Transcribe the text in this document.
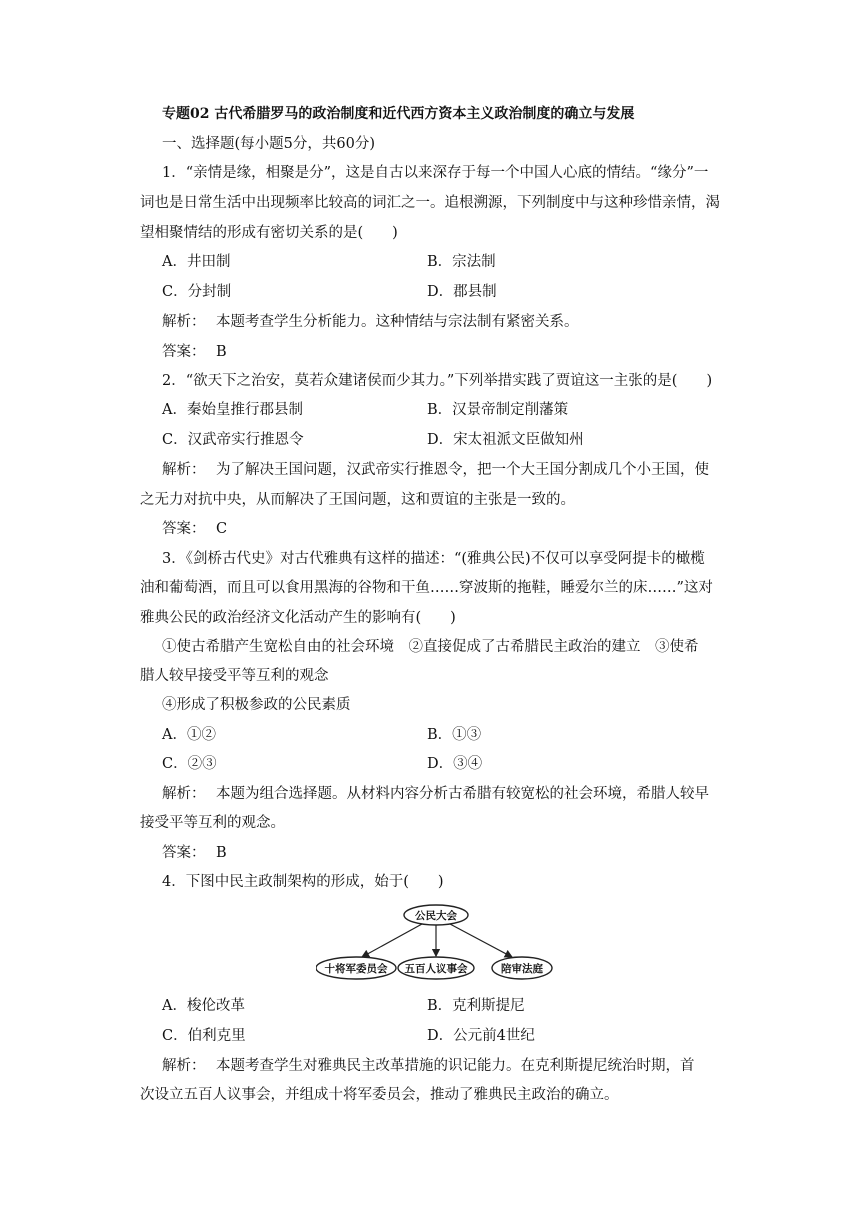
专题02 古代希腊罗马的政治制度和近代西方资本主义政治制度的确立与发展
一、选择题(每小题5分，共60分)
1．“亲情是缘，相聚是分”，这是自古以来深存于每一个中国人心底的情结。“缘分”一
词也是日常生活中出现频率比较高的词汇之一。追根溯源，下列制度中与这种珍惜亲情，渴
望相聚情结的形成有密切关系的是(　　)
A．井田制	B．宗法制
C．分封制	D．郡县制
解析： 本题考查学生分析能力。这种情结与宗法制有紧密关系。
答案： B
2．“欲天下之治安，莫若众建诸侯而少其力。”下列举措实践了贾谊这一主张的是(　　)
A．秦始皇推行郡县制	B．汉景帝制定削藩策
C．汉武帝实行推恩令	D．宋太祖派文臣做知州
解析： 为了解决王国问题，汉武帝实行推恩令，把一个大王国分割成几个小王国，使
之无力对抗中央，从而解决了王国问题，这和贾谊的主张是一致的。
答案： C
3．《剑桥古代史》对古代雅典有这样的描述：“(雅典公民)不仅可以享受阿提卡的橄榄
油和葡萄酒，而且可以食用黑海的谷物和干鱼……穿波斯的拖鞋，睡爱尔兰的床……”这对
雅典公民的政治经济文化活动产生的影响有(　　)
①使古希腊产生宽松自由的社会环境　②直接促成了古希腊民主政治的建立　③使希
腊人较早接受平等互利的观念
④形成了积极参政的公民素质
A．①②	B．①③
C．②③	D．③④
解析： 本题为组合选择题。从材料内容分析古希腊有较宽松的社会环境，希腊人较早
接受平等互利的观念。
答案： B
4．下图中民主政制架构的形成，始于(　　)
公民大会
十将军委员会 五百人议事会	陪审法庭
A．梭伦改革	B．克利斯提尼
C．伯利克里	D．公元前4世纪
解析： 本题考查学生对雅典民主改革措施的识记能力。在克利斯提尼统治时期，首
次设立五百人议事会，并组成十将军委员会，推动了雅典民主政治的确立。
